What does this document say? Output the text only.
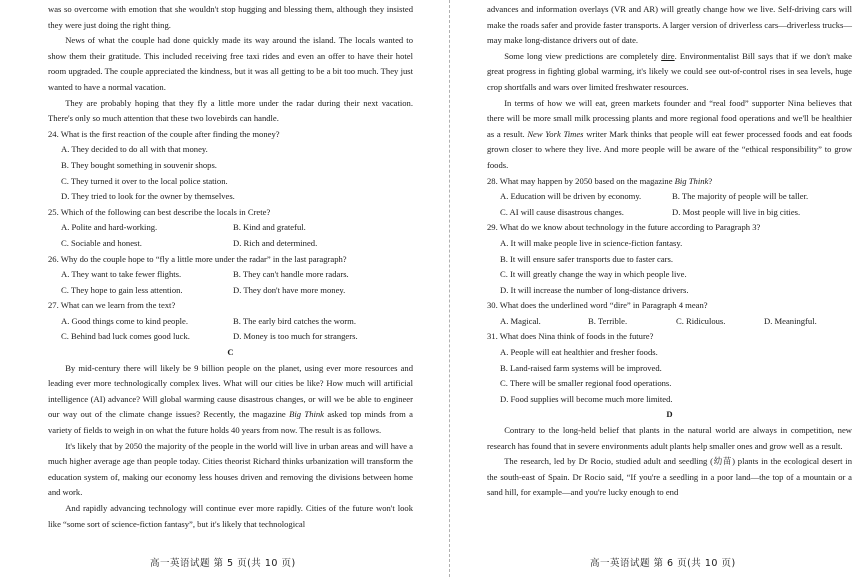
was so overcome with emotion that she wouldn't stop hugging and blessing them, although they insisted they were just doing the right thing.

News of what the couple had done quickly made its way around the island. The locals wanted to show them their gratitude. This included receiving free taxi rides and even an offer to have their hotel room upgraded. The couple appreciated the kindness, but it was all getting to be a bit too much. They just wanted to have a normal vacation.

They are probably hoping that they fly a little more under the radar during their next vacation. There's only so much attention that these two lovebirds can handle.

24. What is the first reaction of the couple after finding the money?

A. They decided to do all with that money.

B. They bought something in souvenir shops.

C. They turned it over to the local police station.

D. They tried to look for the owner by themselves.

25. Which of the following can best describe the locals in Crete?

A. Polite and hard-working.	B. Kind and grateful.
C. Sociable and honest.	D. Rich and determined.

26. Why do the couple hope to “fly a little more under the radar” in the last paragraph?

A. They want to take fewer flights.	B. They can't handle more radars.
C. They hope to gain less attention.	D. They don't have more money.

27. What can we learn from the text?

A. Good things come to kind people.	B. The early bird catches the worm.
C. Behind bad luck comes good luck.	D. Money is too much for strangers.

C

By mid-century there will likely be 9 billion people on the planet, using ever more resources and leading ever more technologically complex lives. What will our cities be like? How much will artificial intelligence (AI) advance? Will global warming cause disastrous changes, or will we be able to engineer our way out of the climate change issues? Recently, the magazine Big Think asked top minds from a variety of fields to weigh in on what the future holds 40 years from now. The result is as follows.

It's likely that by 2050 the majority of the people in the world will live in urban areas and will have a much higher average age than people today. Cities theorist Richard thinks urbanization will transform the education system of, making our economy less houses driven and removing the divisions between home and work.

And rapidly advancing technology will continue ever more rapidly. Cities of the future won't look like “some sort of science-fiction fantasy”, but it's likely that technological

advances and information overlays (VR and AR) will greatly change how we live. Self-driving cars will make the roads safer and provide faster transports. A larger version of driverless cars—driverless trucks—may make long-distance drivers out of date.

Some long view predictions are completely dire. Environmentalist Bill says that if we don't make great progress in fighting global warming, it's likely we could see out-of-control rises in sea levels, huge crop shortfalls and wars over limited freshwater resources.

In terms of how we will eat, green markets founder and “real food” supporter Nina believes that there will be more small milk processing plants and more regional food operations and we'll be healthier as a result. New York Times writer Mark thinks that people will eat fewer processed foods and eat foods grown closer to where they live. And more people will be aware of the “ethical responsibility” to grow foods.

28. What may happen by 2050 based on the magazine Big Think?

A. Education will be driven by economy.	B. The majority of people will be taller.
C. AI will cause disastrous changes.	D. Most people will live in big cities.

29. What do we know about technology in the future according to Paragraph 3?

A. It will make people live in science-fiction fantasy.

B. It will ensure safer transports due to faster cars.

C. It will greatly change the way in which people live.

D. It will increase the number of long-distance drivers.

30. What does the underlined word “dire” in Paragraph 4 mean?

A. Magical.	B. Terrible.	C. Ridiculous.	D. Meaningful.

31. What does Nina think of foods in the future?

A. People will eat healthier and fresher foods.

B. Land-raised farm systems will be improved.

C. There will be smaller regional food operations.

D. Food supplies will become much more limited.

D

Contrary to the long-held belief that plants in the natural world are always in competition, new research has found that in severe environments adult plants help smaller ones and grow well as a result.

The research, led by Dr Rocio, studied adult and seedling (幼苗) plants in the ecological desert in the south-east of Spain. Dr Rocio said, “If you're a seedling in a poor land—the top of a mountain or a sand hill, for example—and you're lucky enough to end

高一英语试题 第 5 页(共 10 页)	高一英语试题 第 6 页(共 10 页)
